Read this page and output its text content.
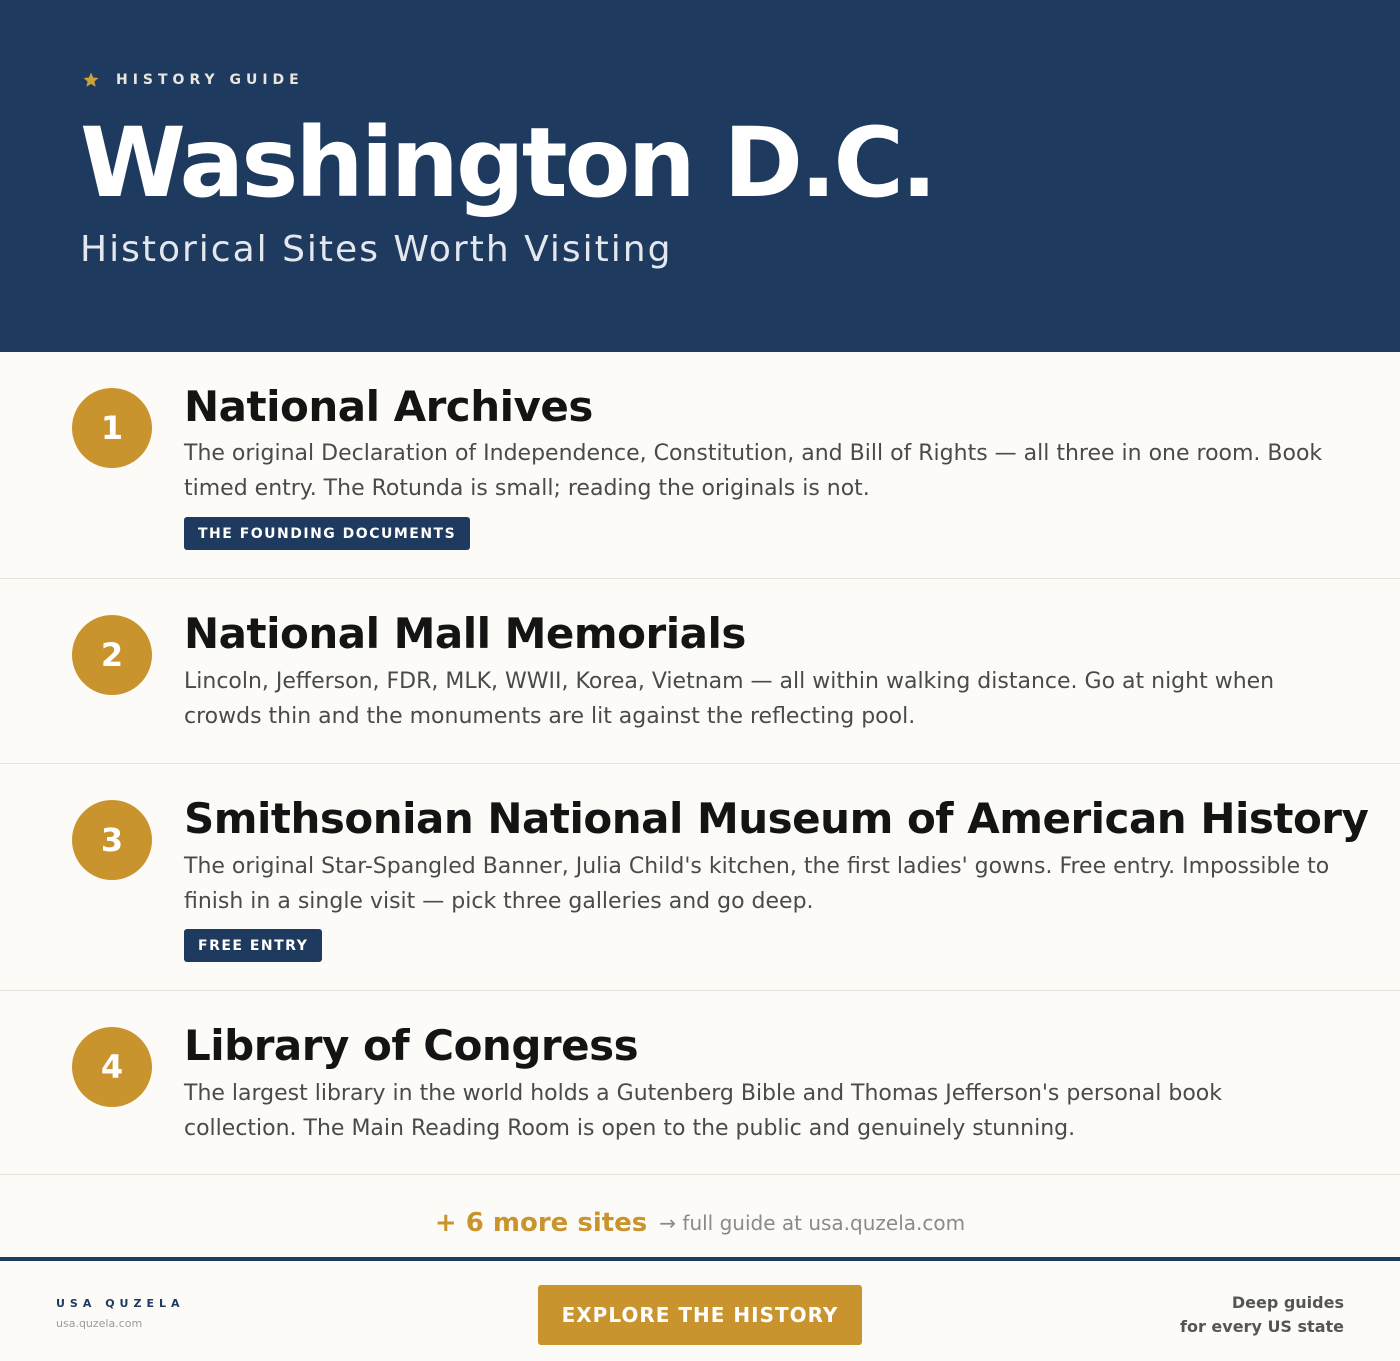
HISTORY GUIDE
Washington D.C.
Historical Sites Worth Visiting
1	National Archives

The original Declaration of Independence, Constitution, and Bill of Rights — all three in one room. Book timed entry. The Rotunda is small; reading the originals is not.

THE FOUNDING DOCUMENTS
2	National Mall Memorials

Lincoln, Jefferson, FDR, MLK, WWII, Korea, Vietnam — all within walking distance. Go at night when crowds thin and the monuments are lit against the reflecting pool.

3	Smithsonian National Museum of American History

The original Star-Spangled Banner, Julia Child's kitchen, the first ladies' gowns. Free entry. Impossible to finish in a single visit — pick three galleries and go deep.

FREE ENTRY
4	Library of Congress

The largest library in the world holds a Gutenberg Bible and Thomas Jefferson's personal book collection. The Main Reading Room is open to the public and genuinely stunning.

+ 6 more sites → full guide at usa.quzela.com
USA QUZELA
usa.quzela.com	EXPLORE THE HISTORY
Deep guides
for every US state
